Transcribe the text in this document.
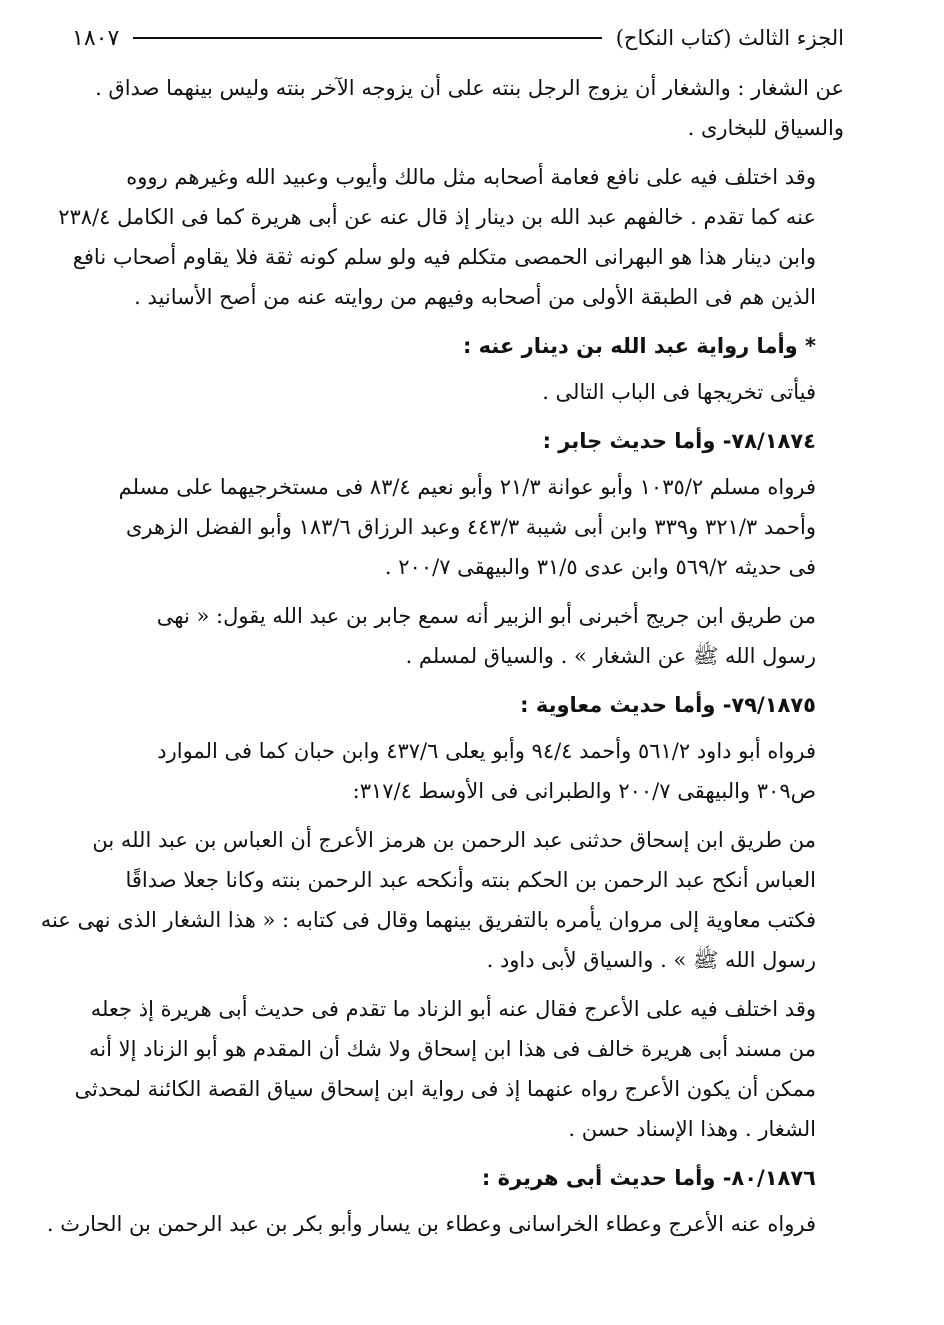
الجزء الثالث (كتاب النكاح)
١٨٠٧
عن الشغار : والشغار أن يزوج الرجل بنته على أن يزوجه الآخر بنته وليس بينهما صداق .
والسياق للبخارى .
وقد اختلف فيه على نافع فعامة أصحابه مثل مالك وأيوب وعبيد الله وغيرهم رووه
عنه كما تقدم . خالفهم عبد الله بن دينار إذ قال عنه عن أبى هريرة كما فى الكامل ٢٣٨/٤
وابن دينار هذا هو البهرانى الحمصى متكلم فيه ولو سلم كونه ثقة فلا يقاوم أصحاب نافع
الذين هم فى الطبقة الأولى من أصحابه وفيهم من روايته عنه من أصح الأسانيد .
* وأما رواية عبد الله بن دينار عنه :
فيأتى تخريجها فى الباب التالى .
٧٨/١٨٧٤- وأما حديث جابر :
فرواه مسلم ١٠٣٥/٢ وأبو عوانة ٢١/٣ وأبو نعيم ٨٣/٤ فى مستخرجيهما على مسلم
وأحمد ٣٢١/٣ و٣٣٩ وابن أبى شيبة ٤٤٣/٣ وعبد الرزاق ١٨٣/٦ وأبو الفضل الزهرى
فى حديثه ٥٦٩/٢ وابن عدى ٣١/٥ والبيهقى ٢٠٠/٧ .
من طريق ابن جريج أخبرنى أبو الزبير أنه سمع جابر بن عبد الله يقول: « نهى
رسول الله ﷺ عن الشغار » . والسياق لمسلم .
٧٩/١٨٧٥- وأما حديث معاوية :
فرواه أبو داود ٥٦١/٢ وأحمد ٩٤/٤ وأبو يعلى ٤٣٧/٦ وابن حبان كما فى الموارد
ص٣٠٩ والبيهقى ٢٠٠/٧ والطبرانى فى الأوسط ٣١٧/٤:
من طريق ابن إسحاق حدثنى عبد الرحمن بن هرمز الأعرج أن العباس بن عبد الله بن
العباس أنكح عبد الرحمن بن الحكم بنته وأنكحه عبد الرحمن بنته وكانا جعلا صداقًا
فكتب معاوية إلى مروان يأمره بالتفريق بينهما وقال فى كتابه : « هذا الشغار الذى نهى عنه
رسول الله ﷺ » . والسياق لأبى داود .
وقد اختلف فيه على الأعرج فقال عنه أبو الزناد ما تقدم فى حديث أبى هريرة إذ جعله
من مسند أبى هريرة خالف فى هذا ابن إسحاق ولا شك أن المقدم هو أبو الزناد إلا أنه
ممكن أن يكون الأعرج رواه عنهما إذ فى رواية ابن إسحاق سياق القصة الكائنة لمحدثى
الشغار . وهذا الإسناد حسن .
٨٠/١٨٧٦- وأما حديث أبى هريرة :
فرواه عنه الأعرج وعطاء الخراسانى وعطاء بن يسار وأبو بكر بن عبد الرحمن بن الحارث .
